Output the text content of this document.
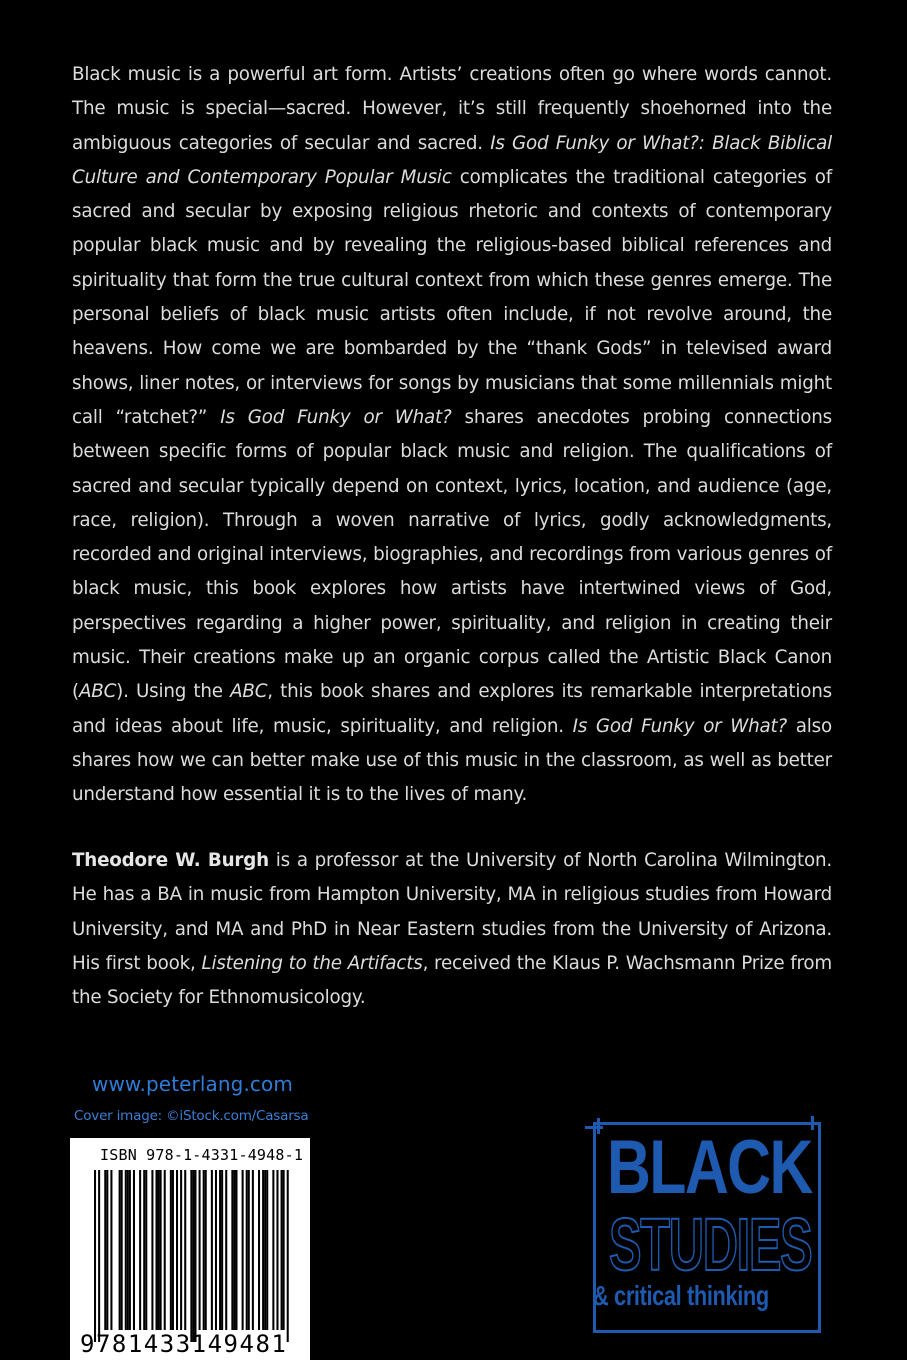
Black music is a powerful art form. Artists’ creations often go where words cannot. The music is special—sacred. However, it’s still frequently shoehorned into the ambiguous categories of secular and sacred. Is God Funky or What?: Black Biblical Culture and Contemporary Popular Music complicates the traditional categories of sacred and secular by exposing religious rhetoric and contexts of contemporary popular black music and by revealing the religious-based biblical references and spirituality that form the true cultural context from which these genres emerge. The personal beliefs of black music artists often include, if not revolve around, the heavens. How come we are bombarded by the “thank Gods” in televised award shows, liner notes, or interviews for songs by musicians that some millennials might call “ratchet?” Is God Funky or What? shares anecdotes probing connections between specific forms of popular black music and religion. The qualifications of sacred and secular typically depend on context, lyrics, location, and audience (age, race, religion). Through a woven narrative of lyrics, godly acknowledgments, recorded and original interviews, biographies, and recordings from various genres of black music, this book explores how artists have intertwined views of God, perspectives regarding a higher power, spirituality, and religion in creating their music. Their creations make up an organic corpus called the Artistic Black Canon (ABC). Using the ABC, this book shares and explores its remarkable interpretations and ideas about life, music, spirituality, and religion. Is God Funky or What? also shares how we can better make use of this music in the classroom, as well as better understand how essential it is to the lives of many.

Theodore W. Burgh is a professor at the University of North Carolina Wilmington. He has a BA in music from Hampton University, MA in religious studies from Howard University, and MA and PhD in Near Eastern studies from the University of Arizona. His first book, Listening to the Artifacts, received the Klaus P. Wachsmann Prize from the Society for Ethnomusicology.

www.peterlang.com
Cover image: ©iStock.com/Casarsa
ISBN 978-1-4331-4948-1
9781433149481
BLACK
STUDIES
& critical thinking
